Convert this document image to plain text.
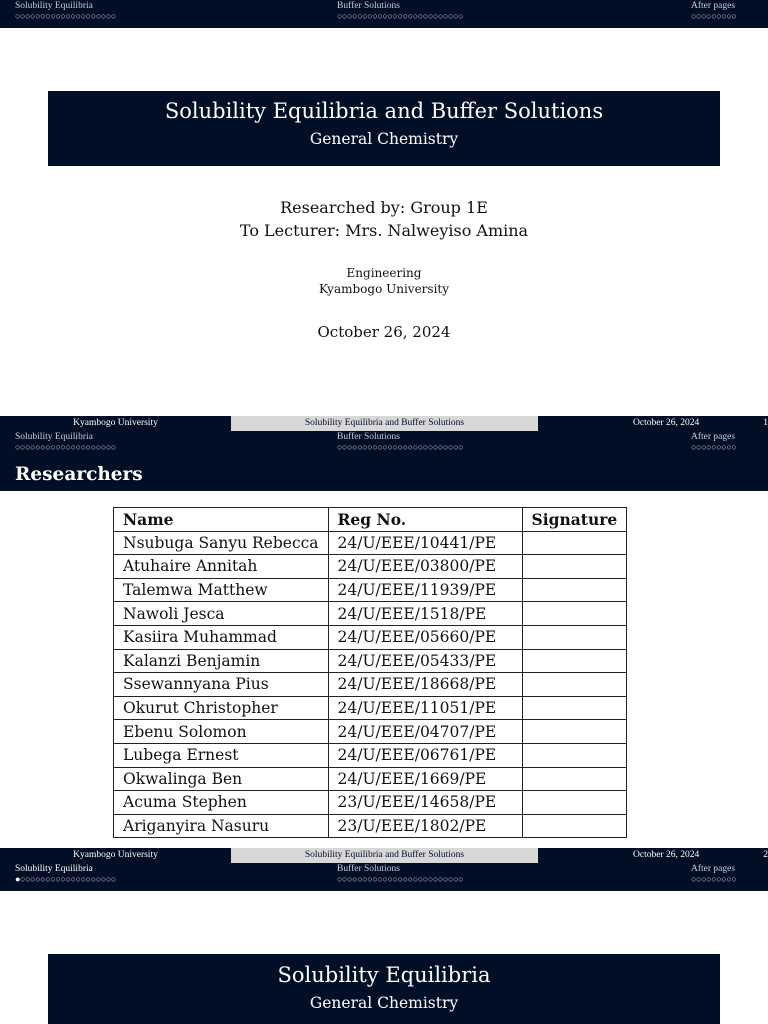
Solubility Equilibria
○○○○○○○○○○○○○○○○○○○○
Buffer Solutions
○○○○○○○○○○○○○○○○○○○○○○○○○
After pages
○○○○○○○○○
Solubility Equilibria and Buffer Solutions
General Chemistry
Researched by: Group 1E
To Lecturer: Mrs. Nalweyiso Amina
Engineering
Kyambogo University
October 26, 2024
Kyambogo University	Solubility Equilibria and Buffer Solutions	October 26, 2024	1
Solubility Equilibria
○○○○○○○○○○○○○○○○○○○○
Buffer Solutions
○○○○○○○○○○○○○○○○○○○○○○○○○
After pages
○○○○○○○○○
Researchers
Name	Reg No.	Signature
Nsubuga Sanyu Rebecca	24/U/EEE/10441/PE	
Atuhaire Annitah	24/U/EEE/03800/PE	
Talemwa Matthew	24/U/EEE/11939/PE	
Nawoli Jesca	24/U/EEE/1518/PE	
Kasiira Muhammad	24/U/EEE/05660/PE	
Kalanzi Benjamin	24/U/EEE/05433/PE	
Ssewannyana Pius	24/U/EEE/18668/PE	
Okurut Christopher	24/U/EEE/11051/PE	
Ebenu Solomon	24/U/EEE/04707/PE	
Lubega Ernest	24/U/EEE/06761/PE	
Okwalinga Ben	24/U/EEE/1669/PE	
Acuma Stephen	23/U/EEE/14658/PE	
Ariganyira Nasuru	23/U/EEE/1802/PE	
Kyambogo University	Solubility Equilibria and Buffer Solutions	October 26, 2024	2
Solubility Equilibria
●○○○○○○○○○○○○○○○○○○○
Buffer Solutions
○○○○○○○○○○○○○○○○○○○○○○○○○
After pages
○○○○○○○○○
Solubility Equilibria
General Chemistry
